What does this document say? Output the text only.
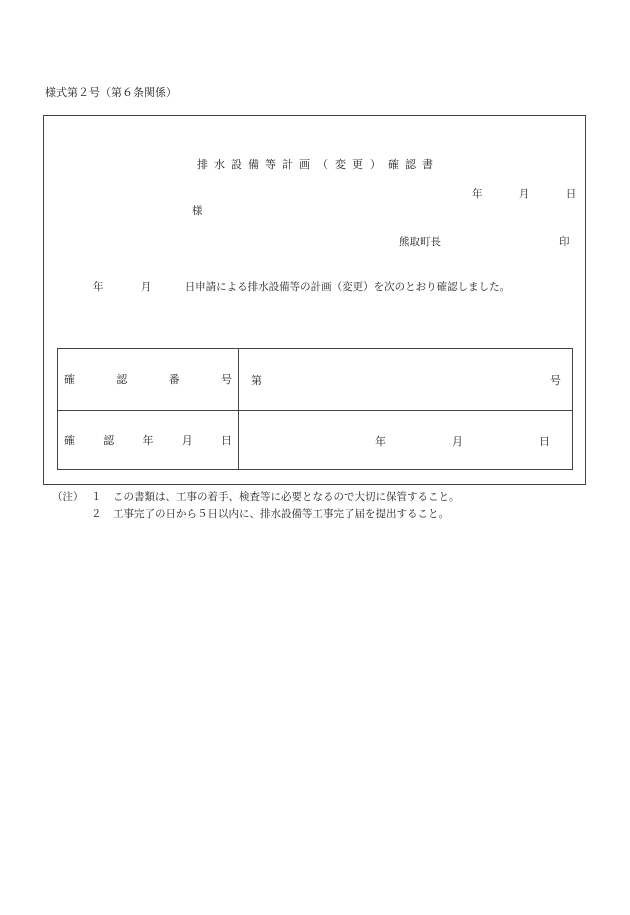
様式第２号（第６条関係）
排 水 設 備 等 計 画 （ 変 更 ） 確 認 書
年	月	日
様
熊取町長	印
年	月	日申請による排水設備等の計画（変更）を次のとおり確認しました。
確 認 番 号	第 号

確 認 年 月 日	年 月 日
（注） １	この書類は、工事の着手、検査等に必要となるので大切に保管すること。
２	工事完了の日から５日以内に、排水設備等工事完了届を提出すること。
